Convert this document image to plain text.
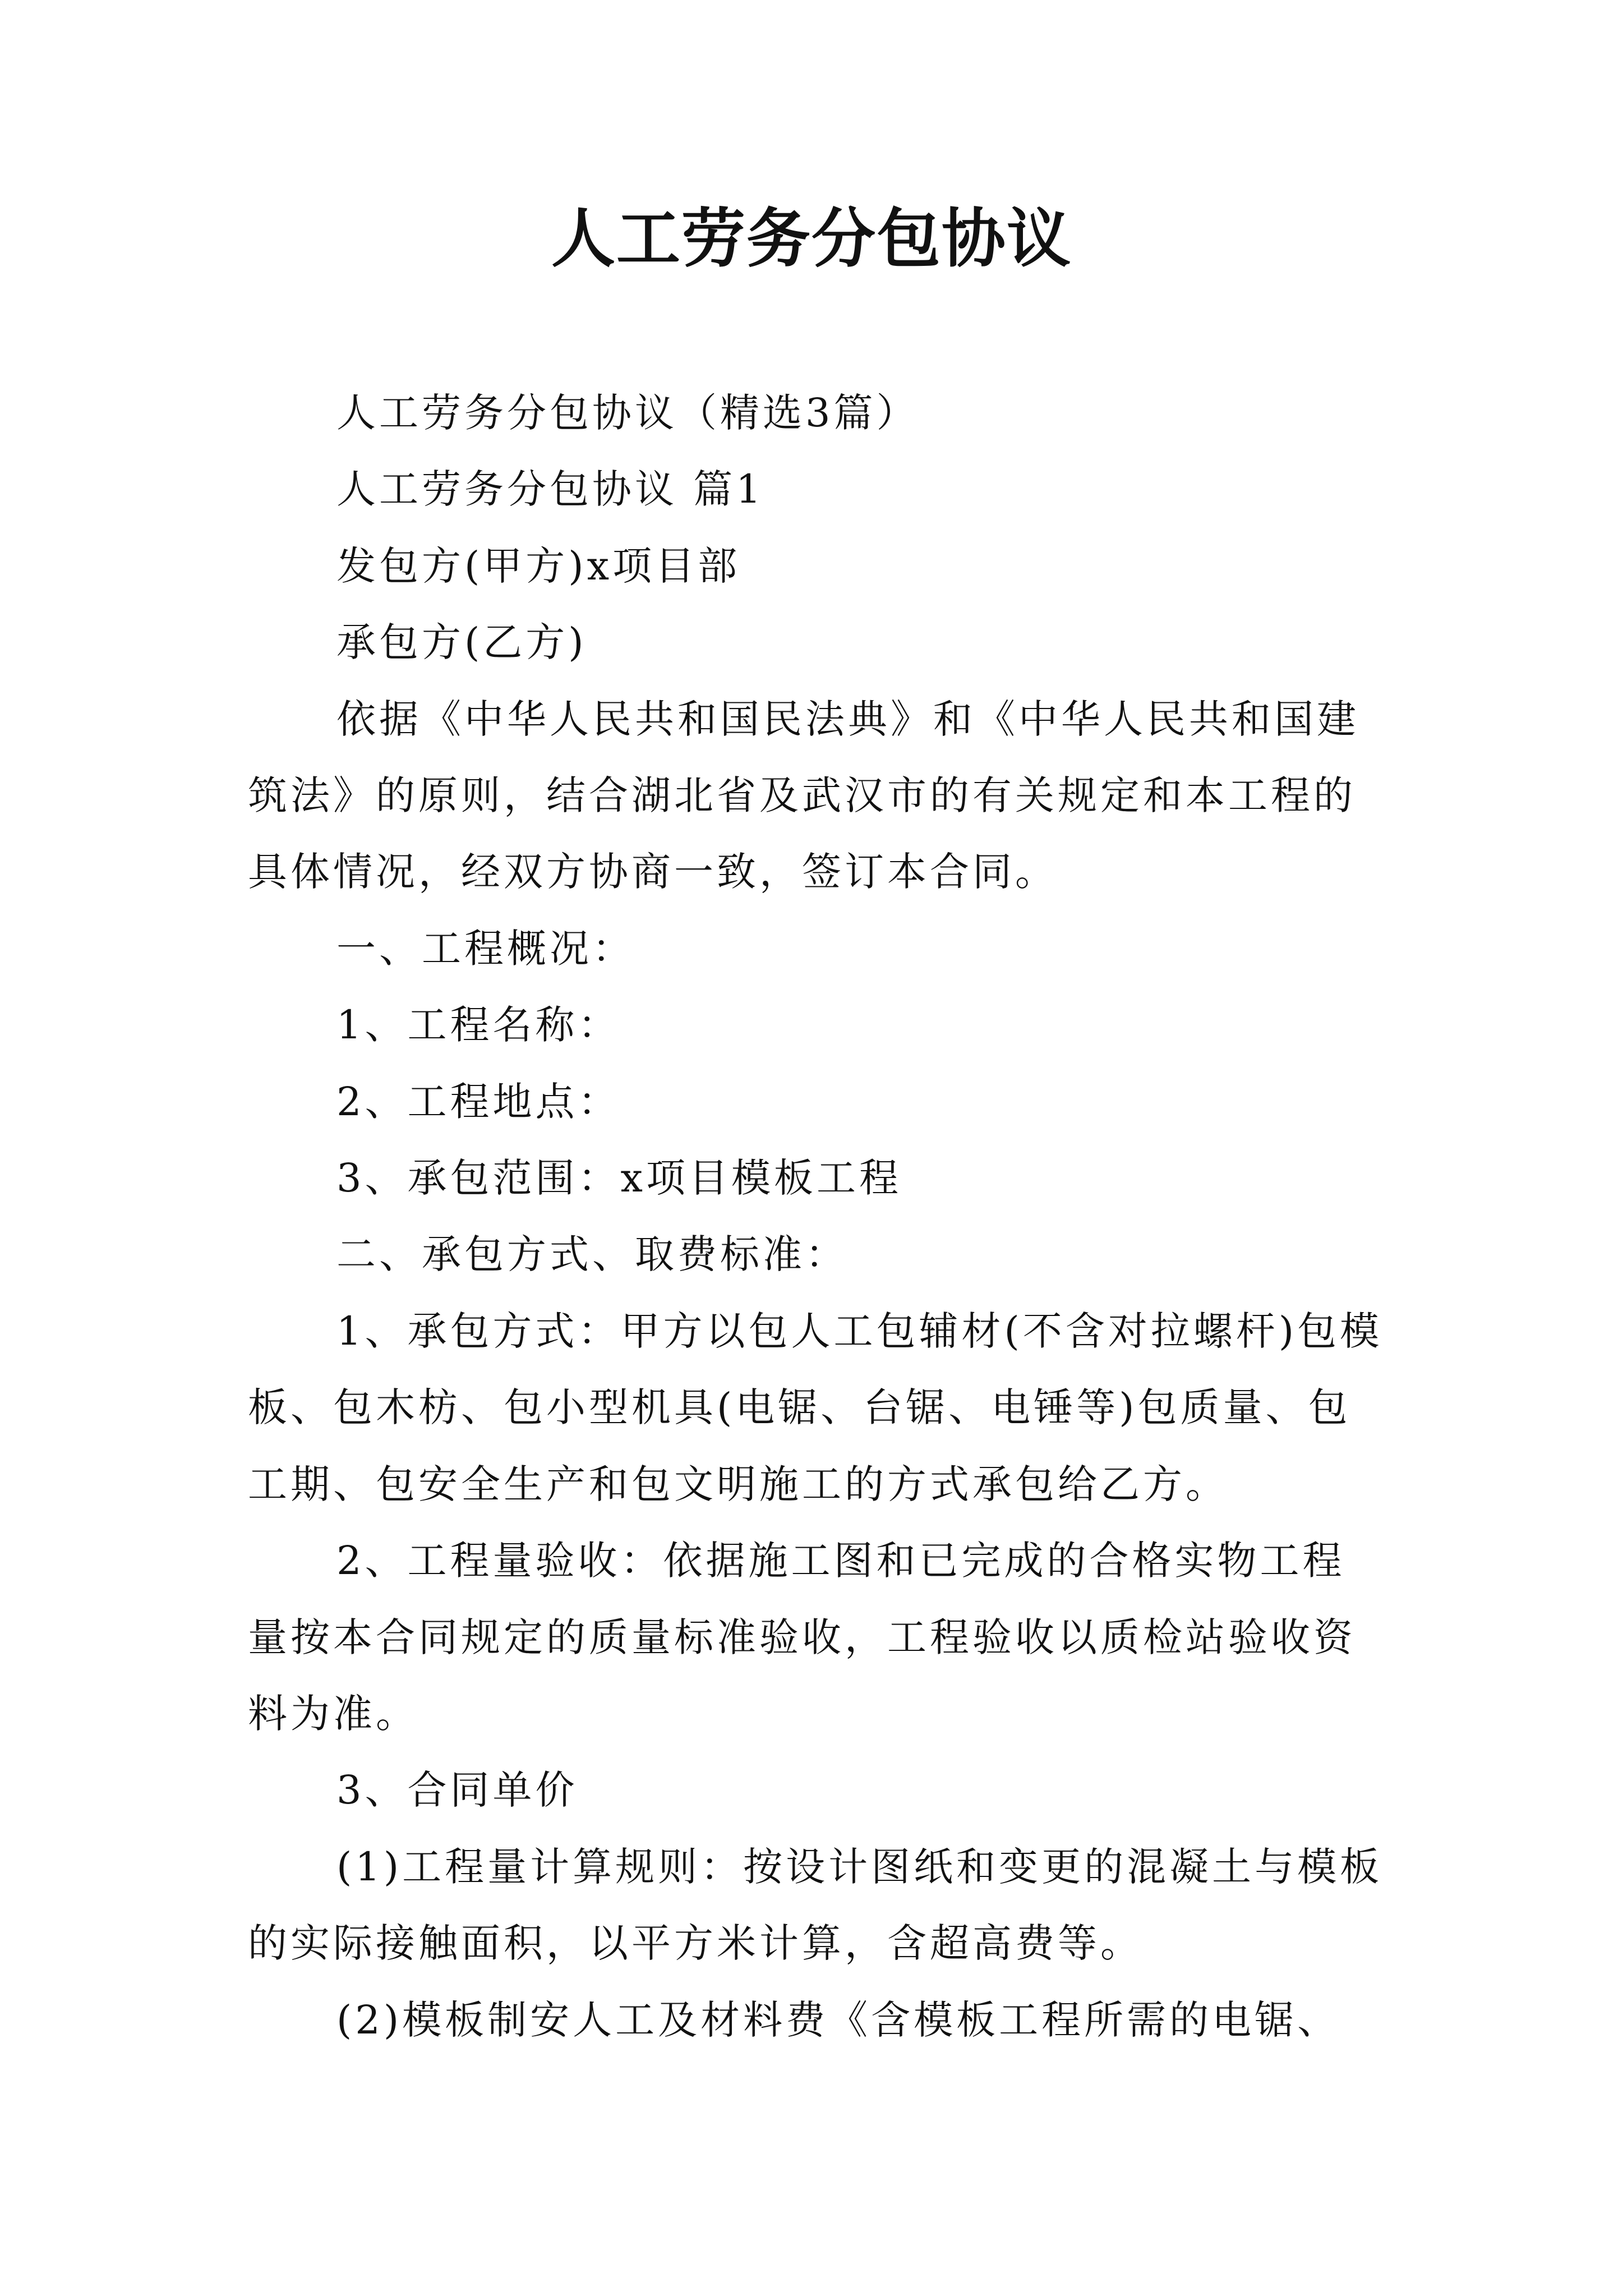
人工劳务分包协议

人工劳务分包协议（精选3篇）

人工劳务分包协议 篇1

发包方(甲方)x项目部

承包方(乙方)

依据《中华人民共和国民法典》和《中华人民共和国建筑法》的原则，结合湖北省及武汉市的有关规定和本工程的具体情况，经双方协商一致，签订本合同。

一、工程概况：

1、工程名称：

2、工程地点：

3、承包范围：x项目模板工程

二、承包方式、取费标准：

1、承包方式：甲方以包人工包辅材(不含对拉螺杆)包模板、包木枋、包小型机具(电锯、台锯、电锤等)包质量、包工期、包安全生产和包文明施工的方式承包给乙方。

2、工程量验收：依据施工图和已完成的合格实物工程量按本合同规定的质量标准验收，工程验收以质检站验收资料为准。

3、合同单价

(1)工程量计算规则：按设计图纸和变更的混凝土与模板的实际接触面积，以平方米计算，含超高费等。

(2)模板制安人工及材料费《含模板工程所需的电锯、
